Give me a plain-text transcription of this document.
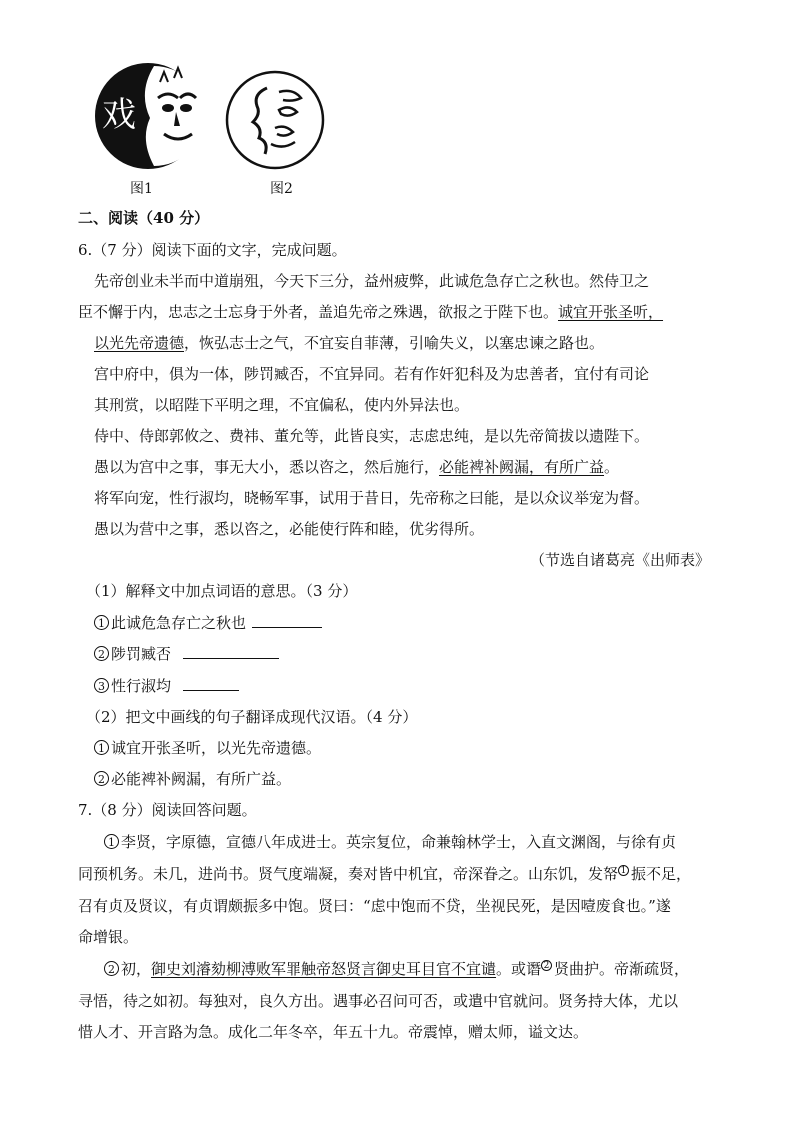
戏
图1	图2
二、阅读（40 分）
6.（7 分）阅读下面的文字，完成问题。
先帝创业未半而中道崩殂，今天下三分，益州疲弊，此诚危急存亡之秋也。然侍卫之
臣不懈于内，忠志之士忘身于外者，盖追先帝之殊遇，欲报之于陛下也。诚宜开张圣听，
以光先帝遗德，恢弘志士之气，不宜妄自菲薄，引喻失义，以塞忠谏之路也。
宫中府中，俱为一体，陟罚臧否，不宜异同。若有作奸犯科及为忠善者，宜付有司论
其刑赏，以昭陛下平明之理，不宜偏私，使内外异法也。
侍中、侍郎郭攸之、费祎、董允等，此皆良实，志虑忠纯，是以先帝简拔以遗陛下。
愚以为宫中之事，事无大小，悉以咨之，然后施行，必能裨补阙漏，有所广益。
将军向宠，性行淑均，晓畅军事，试用于昔日，先帝称之曰能，是以众议举宠为督。
愚以为营中之事，悉以咨之，必能使行阵和睦，优劣得所。
（节选自诸葛亮《出师表》
（1）解释文中加点词语的意思。（3 分）
1 此诚危急存亡之秋也
2 陟罚臧否
3 性行淑均
（2）把文中画线的句子翻译成现代汉语。（4 分）
1 诚宜开张圣听，以光先帝遗德。
2 必能裨补阙漏，有所广益。
7.（8 分）阅读回答问题。
1 李贤，字原德，宣德八年成进士。英宗复位，命兼翰林学士，入直文渊阁，与徐有贞
同预机务。未几，进尚书。贤气度端凝，奏对皆中机宜，帝深眷之。山东饥，发帑 1 振不足，
召有贞及贤议，有贞谓颇振多中饱。贤曰：“虑中饱而不贷，坐视民死，是因噎废食也。”遂
命增银。
2 初，御史刘濬劾柳溥败军罪触帝怒贤言御史耳目官不宜谴。或谮 2 贤曲护。帝渐疏贤，
寻悟，待之如初。每独对，良久方出。遇事必召问可否，或遣中官就问。贤务持大体，尤以
惜人才、开言路为急。成化二年冬卒，年五十九。帝震悼，赠太师，谥文达。
